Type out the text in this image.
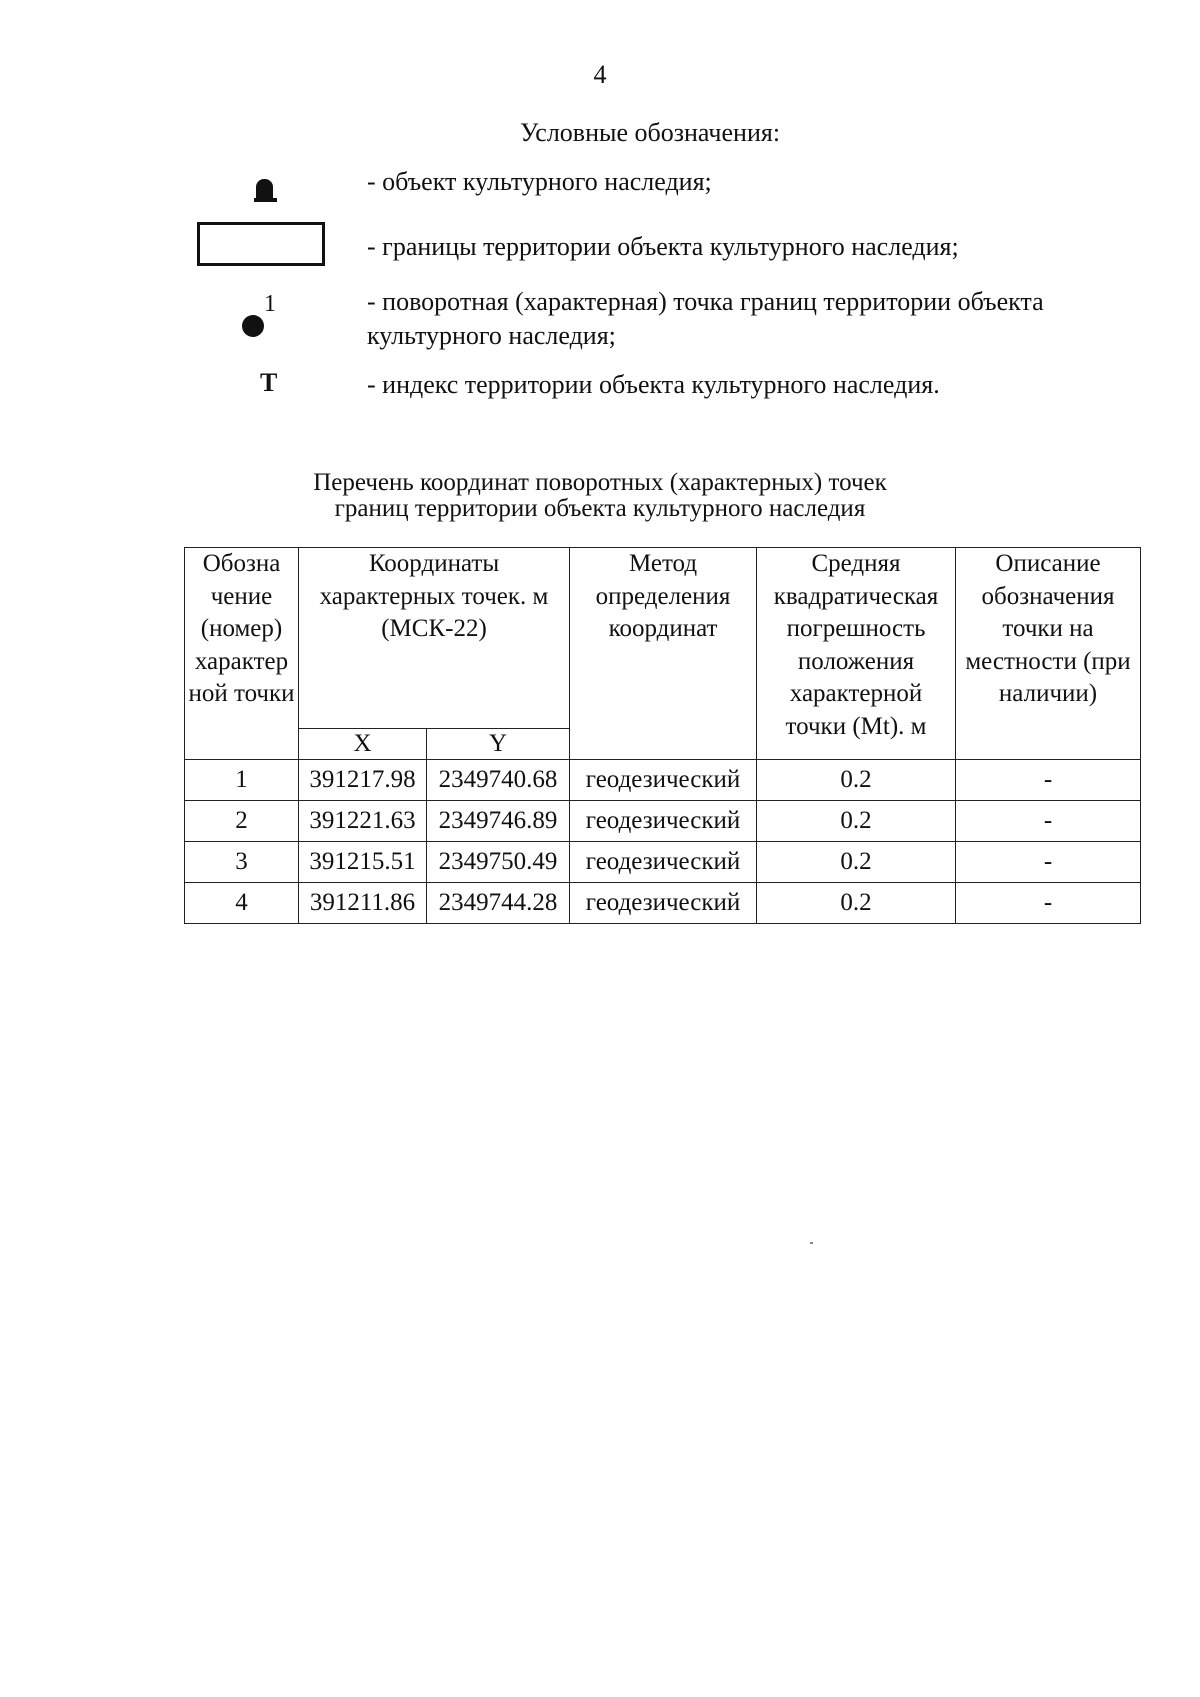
4
Условные обозначения:
- объект культурного наследия;
- границы территории объекта культурного наследия;
1	- поворотная (характерная) точка границ территории объекта культурного наследия;
Т	- индекс территории объекта культурного наследия.
Перечень координат поворотных (характерных) точек
границ территории объекта культурного наследия
Обозна чение (номер) характер ной точки	Координаты характерных точек. м (МСК-22)		Метод определения координат	Средняя квадратическая погрешность положения характерной точки (Mt). м	Описание обозначения точки на местности (при наличии)
	X	Y			
1	391217.98	2349740.68	геодезический	0.2	-
2	391221.63	2349746.89	геодезический	0.2	-
3	391215.51	2349750.49	геодезический	0.2	-
4	391211.86	2349744.28	геодезический	0.2	-
